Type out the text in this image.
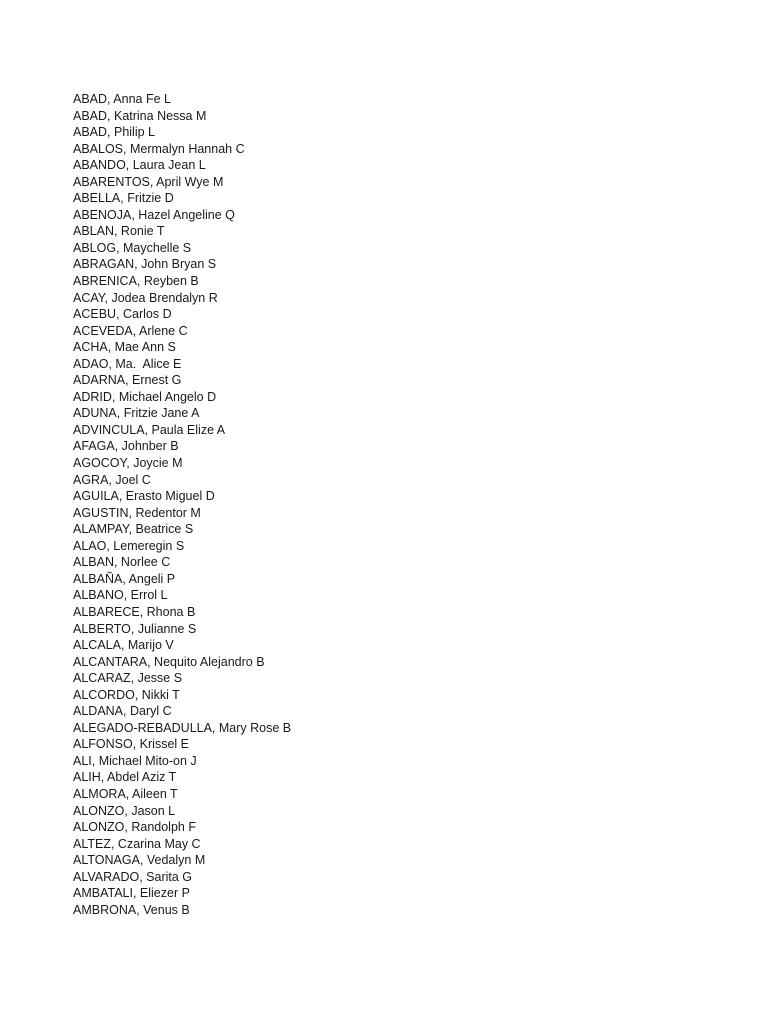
ABAD, Anna Fe L
ABAD, Katrina Nessa M
ABAD, Philip L
ABALOS, Mermalyn Hannah C
ABANDO, Laura Jean L
ABARENTOS, April Wye M
ABELLA, Fritzie D
ABENOJA, Hazel Angeline Q
ABLAN, Ronie T
ABLOG, Maychelle S
ABRAGAN, John Bryan S
ABRENICA, Reyben B
ACAY, Jodea Brendalyn R
ACEBU, Carlos D
ACEVEDA, Arlene C
ACHA, Mae Ann S
ADAO, Ma.  Alice E
ADARNA, Ernest G
ADRID, Michael Angelo D
ADUNA, Fritzie Jane A
ADVINCULA, Paula Elize A
AFAGA, Johnber B
AGOCOY, Joycie M
AGRA, Joel C
AGUILA, Erasto Miguel D
AGUSTIN, Redentor M
ALAMPAY, Beatrice S
ALAO, Lemeregin S
ALBAN, Norlee C
ALBAÑA, Angeli P
ALBANO, Errol L
ALBARECE, Rhona B
ALBERTO, Julianne S
ALCALA, Marijo V
ALCANTARA, Nequito Alejandro B
ALCARAZ, Jesse S
ALCORDO, Nikki T
ALDANA, Daryl C
ALEGADO-REBADULLA, Mary Rose B
ALFONSO, Krissel E
ALI, Michael Mito-on J
ALIH, Abdel Aziz T
ALMORA, Aileen T
ALONZO, Jason L
ALONZO, Randolph F
ALTEZ, Czarina May C
ALTONAGA, Vedalyn M
ALVARADO, Sarita G
AMBATALI, Eliezer P
AMBRONA, Venus B
